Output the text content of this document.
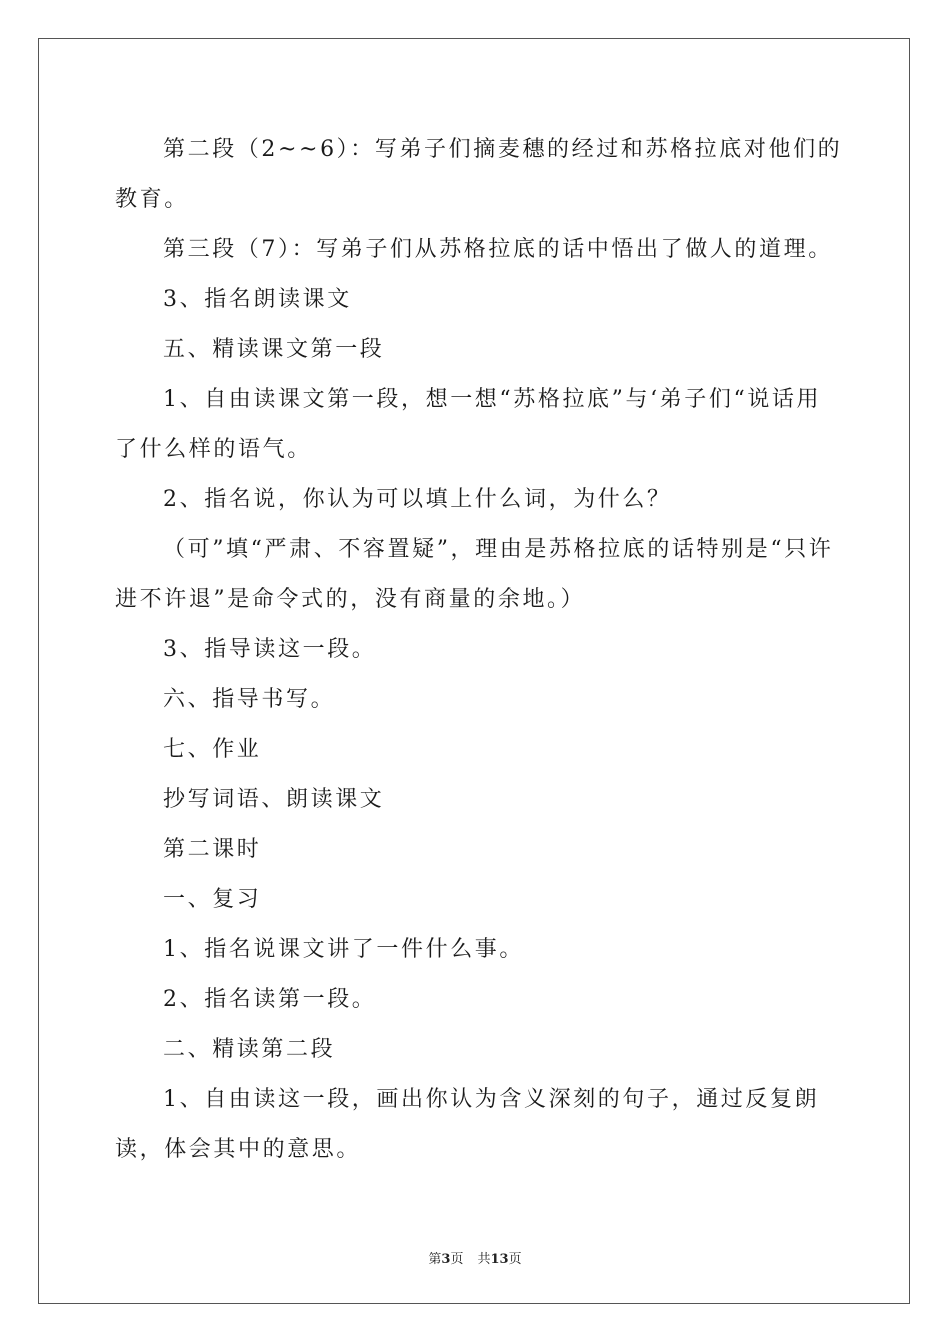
第二段（2~~6）：写弟子们摘麦穗的经过和苏格拉底对他们的教育。

第三段（7）：写弟子们从苏格拉底的话中悟出了做人的道理。

3、指名朗读课文

五、精读课文第一段

1、自由读课文第一段，想一想“苏格拉底”与‘弟子们“说话用了什么样的语气。

2、指名说，你认为可以填上什么词，为什么？

（可”填“严肃、不容置疑”，理由是苏格拉底的话特别是“只许进不许退”是命令式的，没有商量的余地。）

3、指导读这一段。

六、指导书写。

七、作业

抄写词语、朗读课文

第二课时

一、复习

1、指名说课文讲了一件什么事。

2、指名读第一段。

二、精读第二段

1、自由读这一段，画出你认为含义深刻的句子，通过反复朗读，体会其中的意思。

第3页 共13页
